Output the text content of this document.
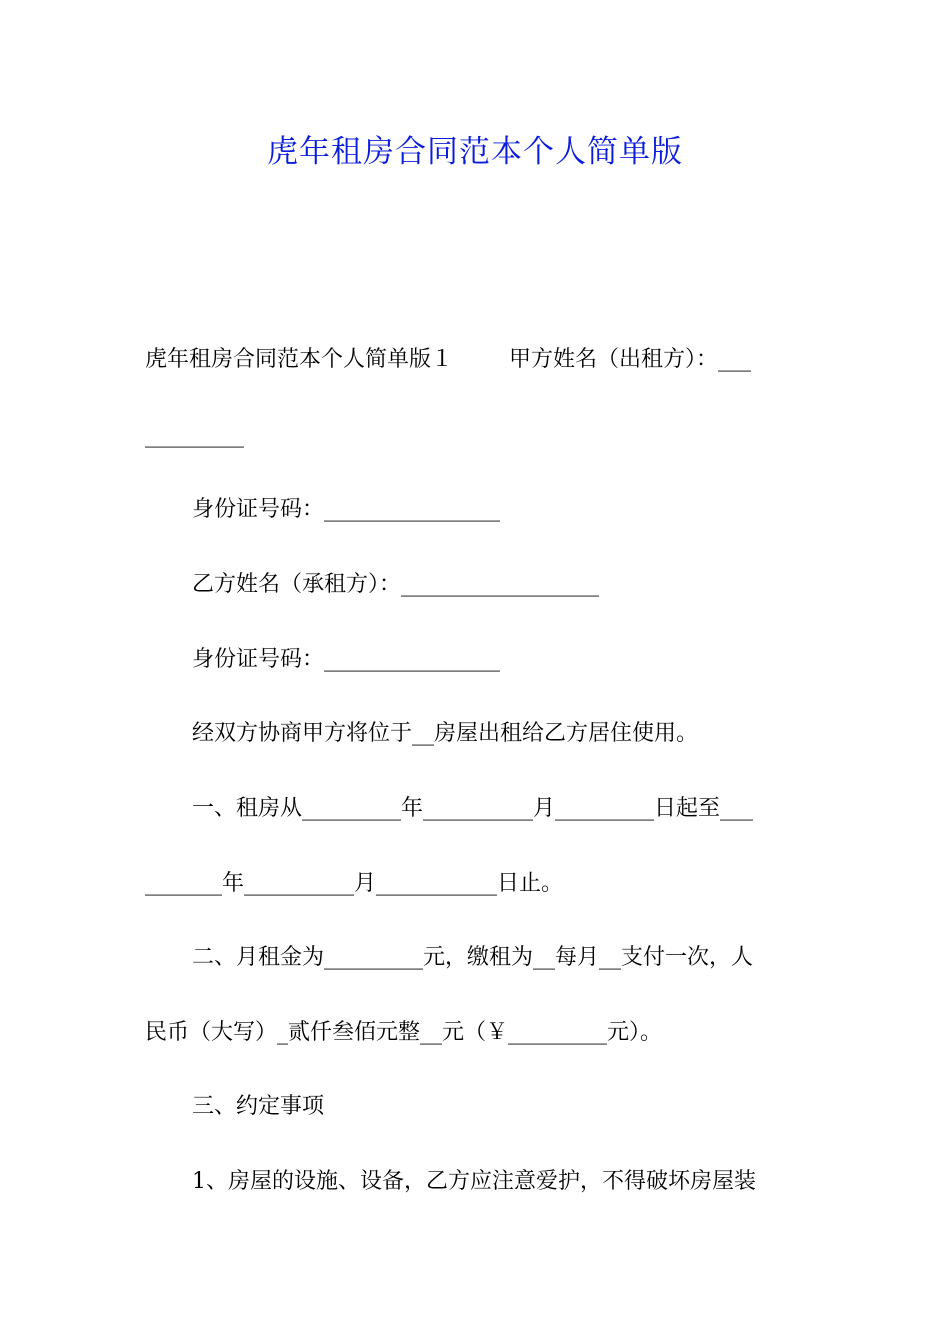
虎年租房合同范本个人简单版
虎年租房合同范本个人简单版１	甲方姓名（出租方）：___
_________
身份证号码：________________
乙方姓名（承租方）：__________________
身份证号码：________________
经双方协商甲方将位于__房屋出租给乙方居住使用。
一、租房从_________年__________月_________日起至___
_______年__________月___________日止。
二、月租金为_________元，缴租为__每月__支付一次，人
民币（大写）_贰仟叁佰元整__元（￥_________元）。
三、约定事项
1、房屋的设施、设备，乙方应注意爱护，不得破坏房屋装
